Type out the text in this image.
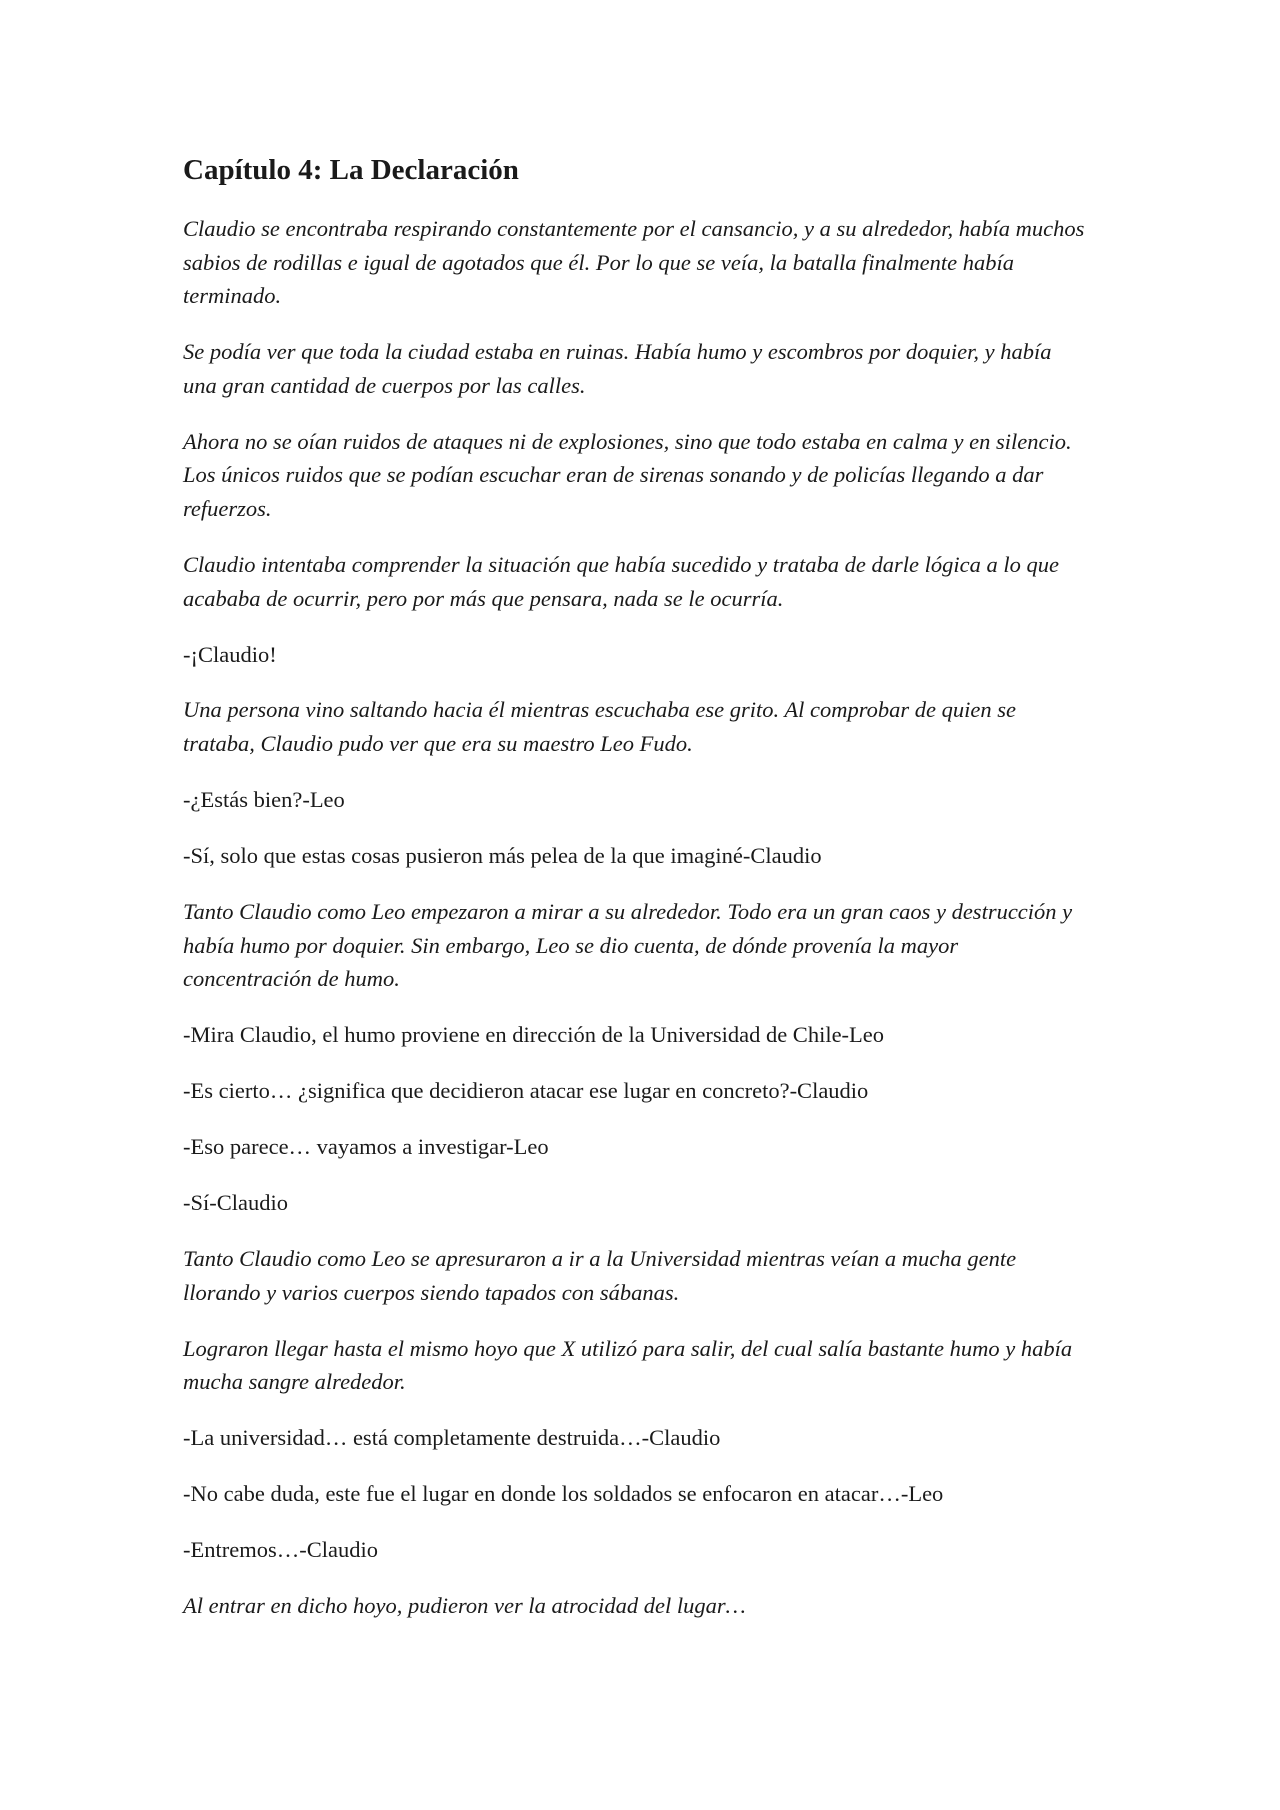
Capítulo 4: La Declaración

Claudio se encontraba respirando constantemente por el cansancio, y a su alrededor, había muchos sabios de rodillas e igual de agotados que él. Por lo que se veía, la batalla finalmente había terminado.

Se podía ver que toda la ciudad estaba en ruinas. Había humo y escombros por doquier, y había una gran cantidad de cuerpos por las calles.

Ahora no se oían ruidos de ataques ni de explosiones, sino que todo estaba en calma y en silencio. Los únicos ruidos que se podían escuchar eran de sirenas sonando y de policías llegando a dar refuerzos.

Claudio intentaba comprender la situación que había sucedido y trataba de darle lógica a lo que acababa de ocurrir, pero por más que pensara, nada se le ocurría.

-¡Claudio!

Una persona vino saltando hacia él mientras escuchaba ese grito. Al comprobar de quien se trataba, Claudio pudo ver que era su maestro Leo Fudo.

-¿Estás bien?-Leo

-Sí, solo que estas cosas pusieron más pelea de la que imaginé-Claudio

Tanto Claudio como Leo empezaron a mirar a su alrededor. Todo era un gran caos y destrucción y había humo por doquier. Sin embargo, Leo se dio cuenta, de dónde provenía la mayor concentración de humo.

-Mira Claudio, el humo proviene en dirección de la Universidad de Chile-Leo

-Es cierto… ¿significa que decidieron atacar ese lugar en concreto?-Claudio

-Eso parece… vayamos a investigar-Leo

-Sí-Claudio

Tanto Claudio como Leo se apresuraron a ir a la Universidad mientras veían a mucha gente llorando y varios cuerpos siendo tapados con sábanas.

Lograron llegar hasta el mismo hoyo que X utilizó para salir, del cual salía bastante humo y había mucha sangre alrededor.

-La universidad… está completamente destruida…-Claudio

-No cabe duda, este fue el lugar en donde los soldados se enfocaron en atacar…-Leo

-Entremos…-Claudio

Al entrar en dicho hoyo, pudieron ver la atrocidad del lugar…
